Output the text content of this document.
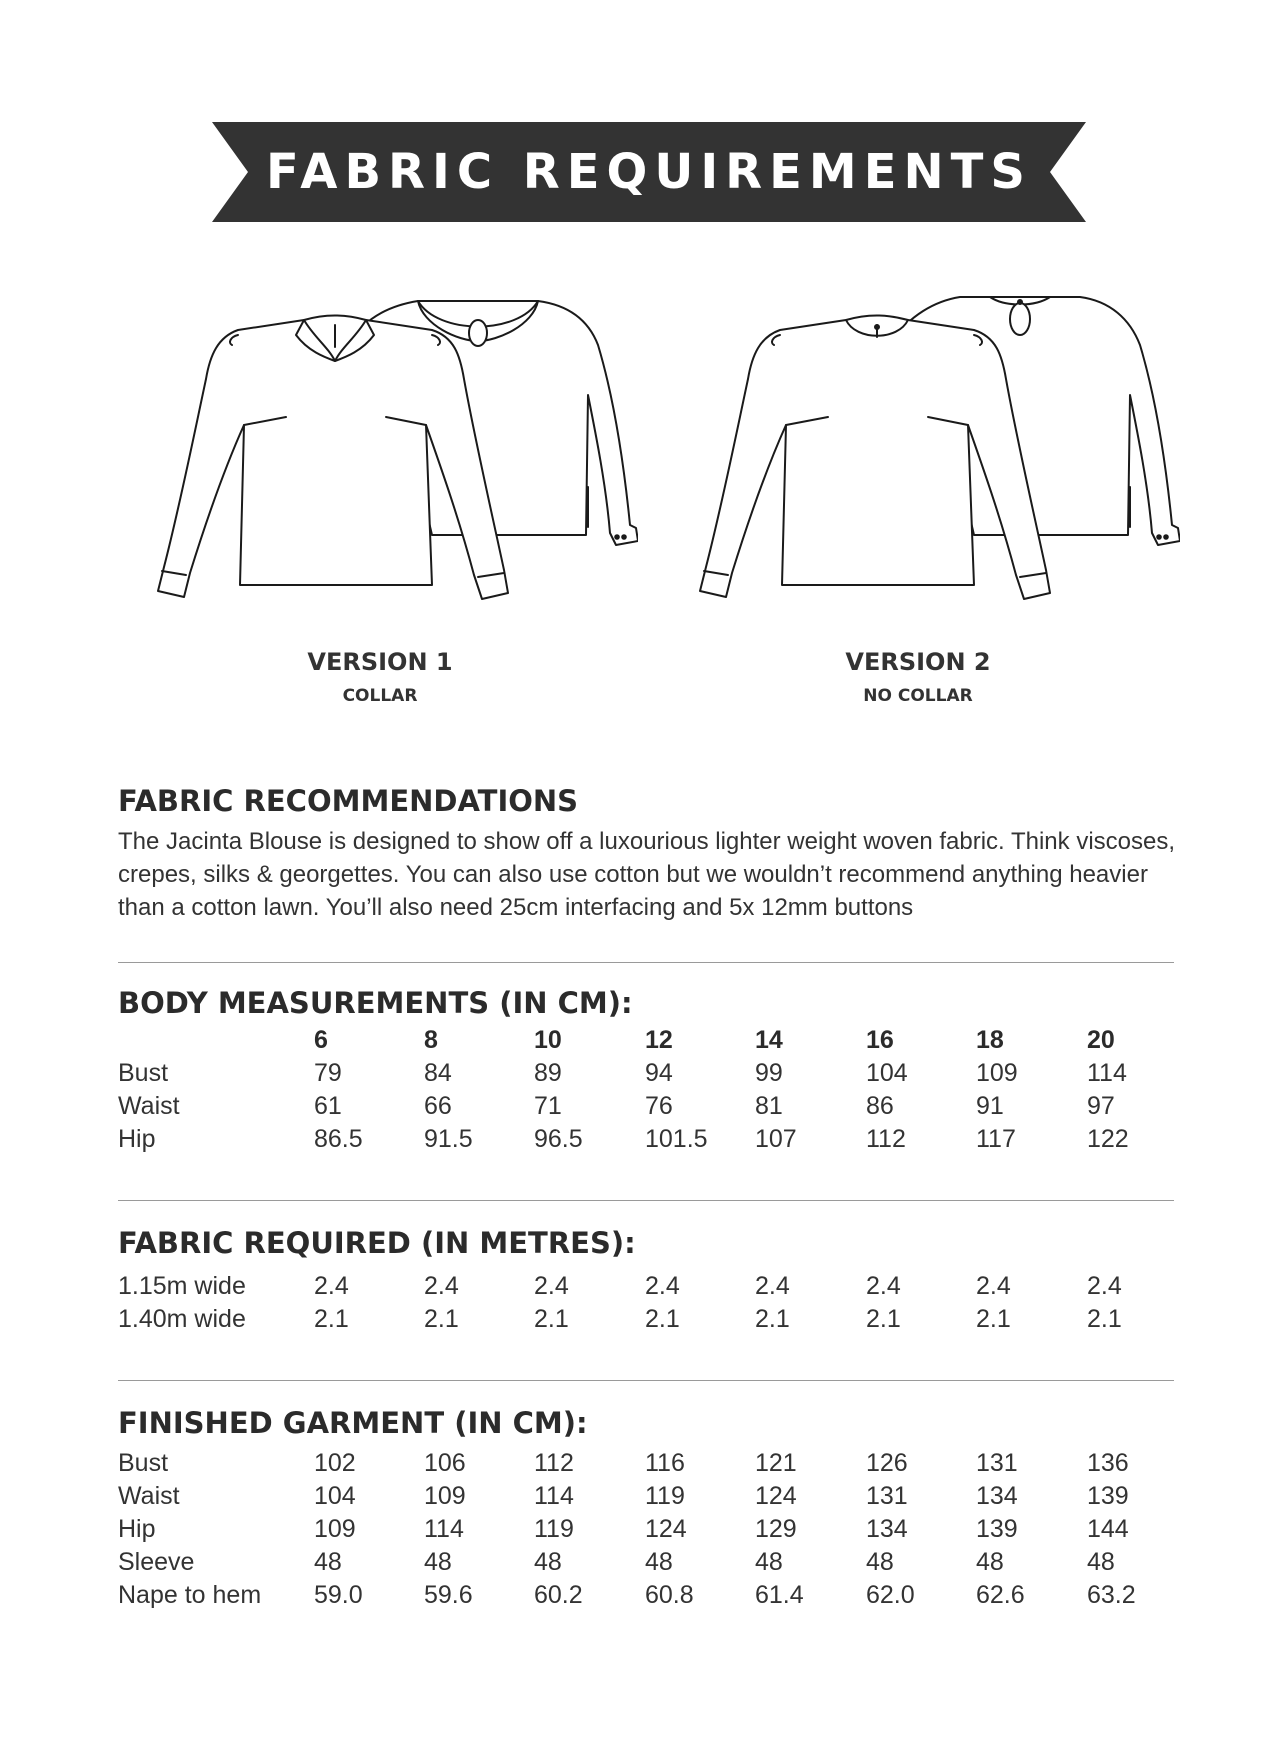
FABRIC REQUIREMENTS
VERSION 1
COLLAR
VERSION 2
NO COLLAR
FABRIC RECOMMENDATIONS
The Jacinta Blouse is designed to show off a luxourious lighter weight woven fabric. Think viscoses,
crepes, silks & georgettes. You can also use cotton but we wouldn’t recommend anything heavier
than a cotton lawn. You’ll also need 25cm interfacing and 5x 12mm buttons
BODY MEASUREMENTS (IN CM):
6	8	10	12	14	16	18	20
Bust	79	84	89	94	99	104	109	114
Waist	61	66	71	76	81	86	91	97
Hip	86.5 91.5 96.5 101.5 107	112	117	122
FABRIC REQUIRED (IN METRES):
1.15m wide	2.4	2.4	2.4	2.4	2.4	2.4	2.4	2.4
1.40m wide	2.1	2.1	2.1	2.1	2.1	2.1	2.1	2.1
FINISHED GARMENT (IN CM):
Bust	102	106	112	116	121	126	131	136
Waist	104	109	114	119	124	131	134	139
Hip	109	114	119	124	129	134	139	144
Sleeve	48	48	48	48	48	48	48	48
Nape to hem 59.0 59.6 60.2 60.8 61.4 62.0 62.6 63.2
